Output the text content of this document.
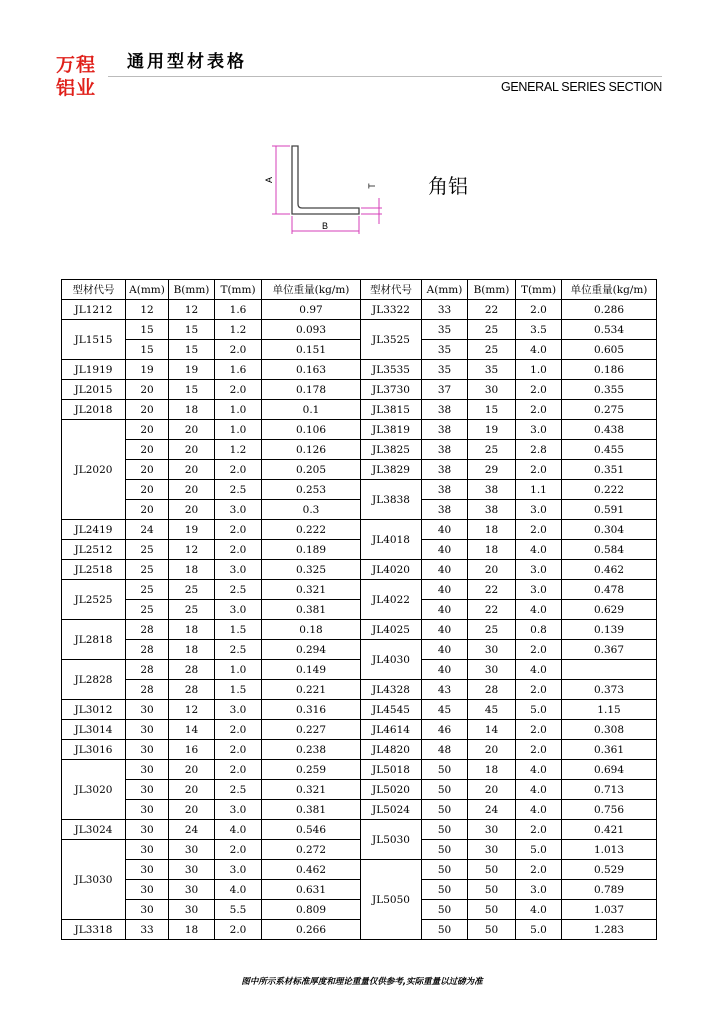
万程
铝业
通用型材表格
GENERAL SERIES SECTION
A
B
T	角铝
型材代号	A(mm)	B(mm)	T(mm)	单位重量(kg/m)	型材代号	A(mm)	B(mm)	T(mm)	单位重量(kg/m)
JL1212	12	12	1.6	0.97	JL3322	33	22	2.0	0.286
JL1515	15	15	1.2	0.093	JL3525	35	25	3.5	0.534
	15	15	2.0	0.151		35	25	4.0	0.605
JL1919	19	19	1.6	0.163	JL3535	35	35	1.0	0.186
JL2015	20	15	2.0	0.178	JL3730	37	30	2.0	0.355
JL2018	20	18	1.0	0.1	JL3815	38	15	2.0	0.275
JL2020	20	20	1.0	0.106	JL3819	38	19	3.0	0.438
	20	20	1.2	0.126	JL3825	38	25	2.8	0.455
	20	20	2.0	0.205	JL3829	38	29	2.0	0.351
	20	20	2.5	0.253	JL3838	38	38	1.1	0.222
	20	20	3.0	0.3		38	38	3.0	0.591
JL2419	24	19	2.0	0.222	JL4018	40	18	2.0	0.304
JL2512	25	12	2.0	0.189		40	18	4.0	0.584
JL2518	25	18	3.0	0.325	JL4020	40	20	3.0	0.462
JL2525	25	25	2.5	0.321	JL4022	40	22	3.0	0.478
	25	25	3.0	0.381		40	22	4.0	0.629
JL2818	28	18	1.5	0.18	JL4025	40	25	0.8	0.139
	28	18	2.5	0.294	JL4030	40	30	2.0	0.367
JL2828	28	28	1.0	0.149		40	30	4.0	
	28	28	1.5	0.221	JL4328	43	28	2.0	0.373
JL3012	30	12	3.0	0.316	JL4545	45	45	5.0	1.15
JL3014	30	14	2.0	0.227	JL4614	46	14	2.0	0.308
JL3016	30	16	2.0	0.238	JL4820	48	20	2.0	0.361
JL3020	30	20	2.0	0.259	JL5018	50	18	4.0	0.694
	30	20	2.5	0.321	JL5020	50	20	4.0	0.713
	30	20	3.0	0.381	JL5024	50	24	4.0	0.756
JL3024	30	24	4.0	0.546	JL5030	50	30	2.0	0.421
JL3030	30	30	2.0	0.272		50	30	5.0	1.013
	30	30	3.0	0.462	JL5050	50	50	2.0	0.529
	30	30	4.0	0.631		50	50	3.0	0.789
	30	30	5.5	0.809		50	50	4.0	1.037
JL3318	33	18	2.0	0.266		50	50	5.0	1.283
图中所示系材标准厚度和理论重量仅供参考,实际重量以过磅为准
